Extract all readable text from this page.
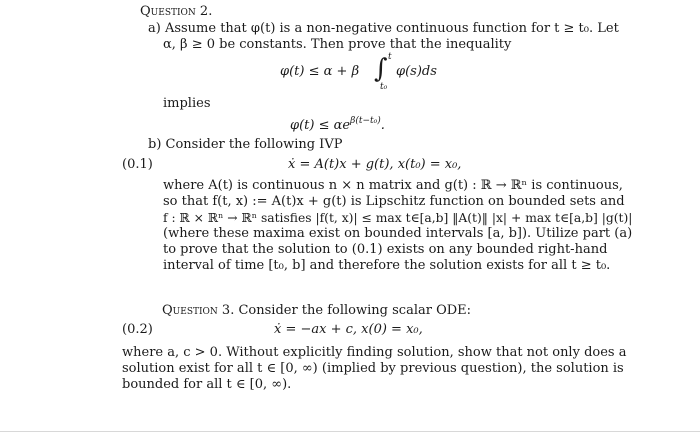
Question 2.
a) Assume that φ(t) is a non-negative continuous function for t ≥ t₀. Let
α, β ≥ 0 be constants. Then prove that the inequality
φ(t) ≤ α + β ∫ t
t₀
φ(s)ds
implies
$\varphi(t) \le \alpha e^{\beta(t-t_0)}$.
b) Consider the following IVP
(0.1)	ẋ = A(t)x + g(t), x(t₀) = x₀,
where A(t) is continuous n × n matrix and g(t) : ℝ → ℝⁿ is continuous,
so that f(t, x) := A(t)x + g(t) is Lipschitz function on bounded sets and
f : ℝ × ℝⁿ → ℝⁿ satisfies |f(t, x)| ≤ max t∈[a,b] ‖A(t)‖ |x| + max t∈[a,b] |g(t)|
(where these maxima exist on bounded intervals [a, b]). Utilize part (a)
to prove that the solution to (0.1) exists on any bounded right-hand
interval of time [t₀, b] and therefore the solution exists for all t ≥ t₀.
Question 3. Consider the following scalar ODE:
(0.2)	ẋ = −ax + c, x(0) = x₀,
where a, c > 0. Without explicitly finding solution, show that not only does a
solution exist for all t ∈ [0, ∞) (implied by previous question), the solution is
bounded for all t ∈ [0, ∞).
